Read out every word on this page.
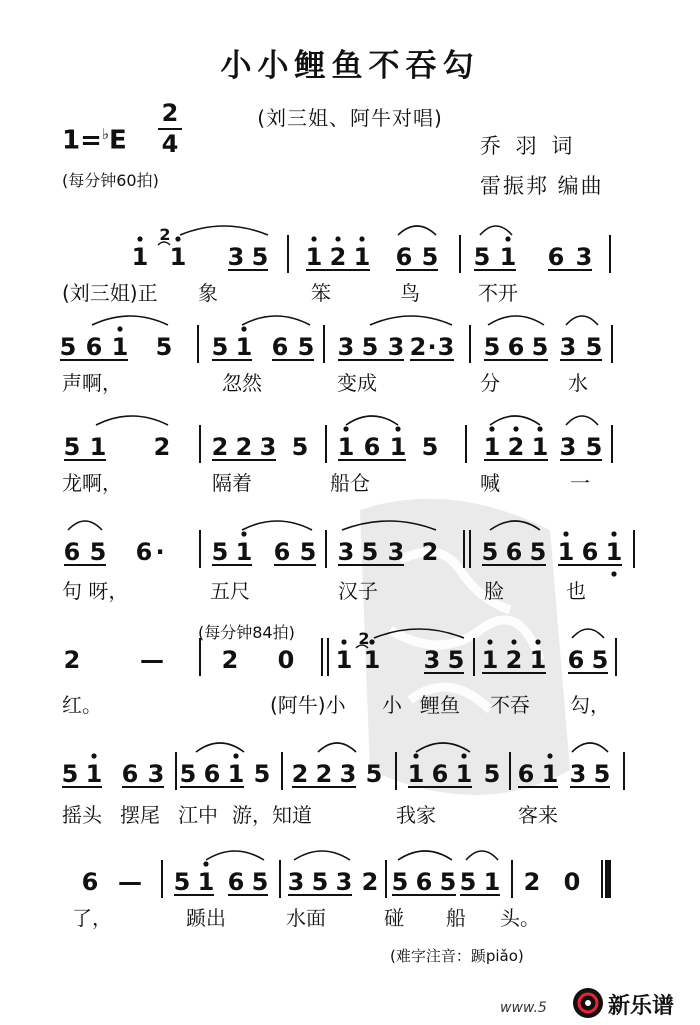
小小鲤鱼不吞勾
(刘三姐、阿牛对唱)
1=♭E
2
4
(每分钟60拍)
乔 羽 词
雷振邦 编曲
(每分钟84拍)
(难字注音：踬piǎo)
www.5	新乐谱
1 1 3 5
2
1 2 1 6 5 5 1 6 3
(刘三姐)正 象	笨	鸟	不开
5 6 1 5 5 1 6 5 3 5 3 2 · 3 5 6 5 3 5
声啊，	忽然	变成	分	水
5 1 2 2 2 3 5 1 6 1 5 1 2 1 3 5
龙啊，	隔着	船仓	喊	一
6 5 6 · 5 1 6 5 3 5 3 2 5 6 5 1 6 1
句 呀，	五尺	汉子	脸	也
2 — 2 0 1 1 3 5
2
1 2 1 6 5
红。	(阿牛)小 小 鲤鱼 不吞 勾，
5 1 6 3 5 6 1 5 2 2 3 5 1 6 1 5 6 1 3 5
摇头 摆尾 江中 游，知道	我家	客来
6 — 5 1 6 5 3 5 3 2 5 6 5 5 1 2 0
了，	踬出	水面	碰 船 头。
